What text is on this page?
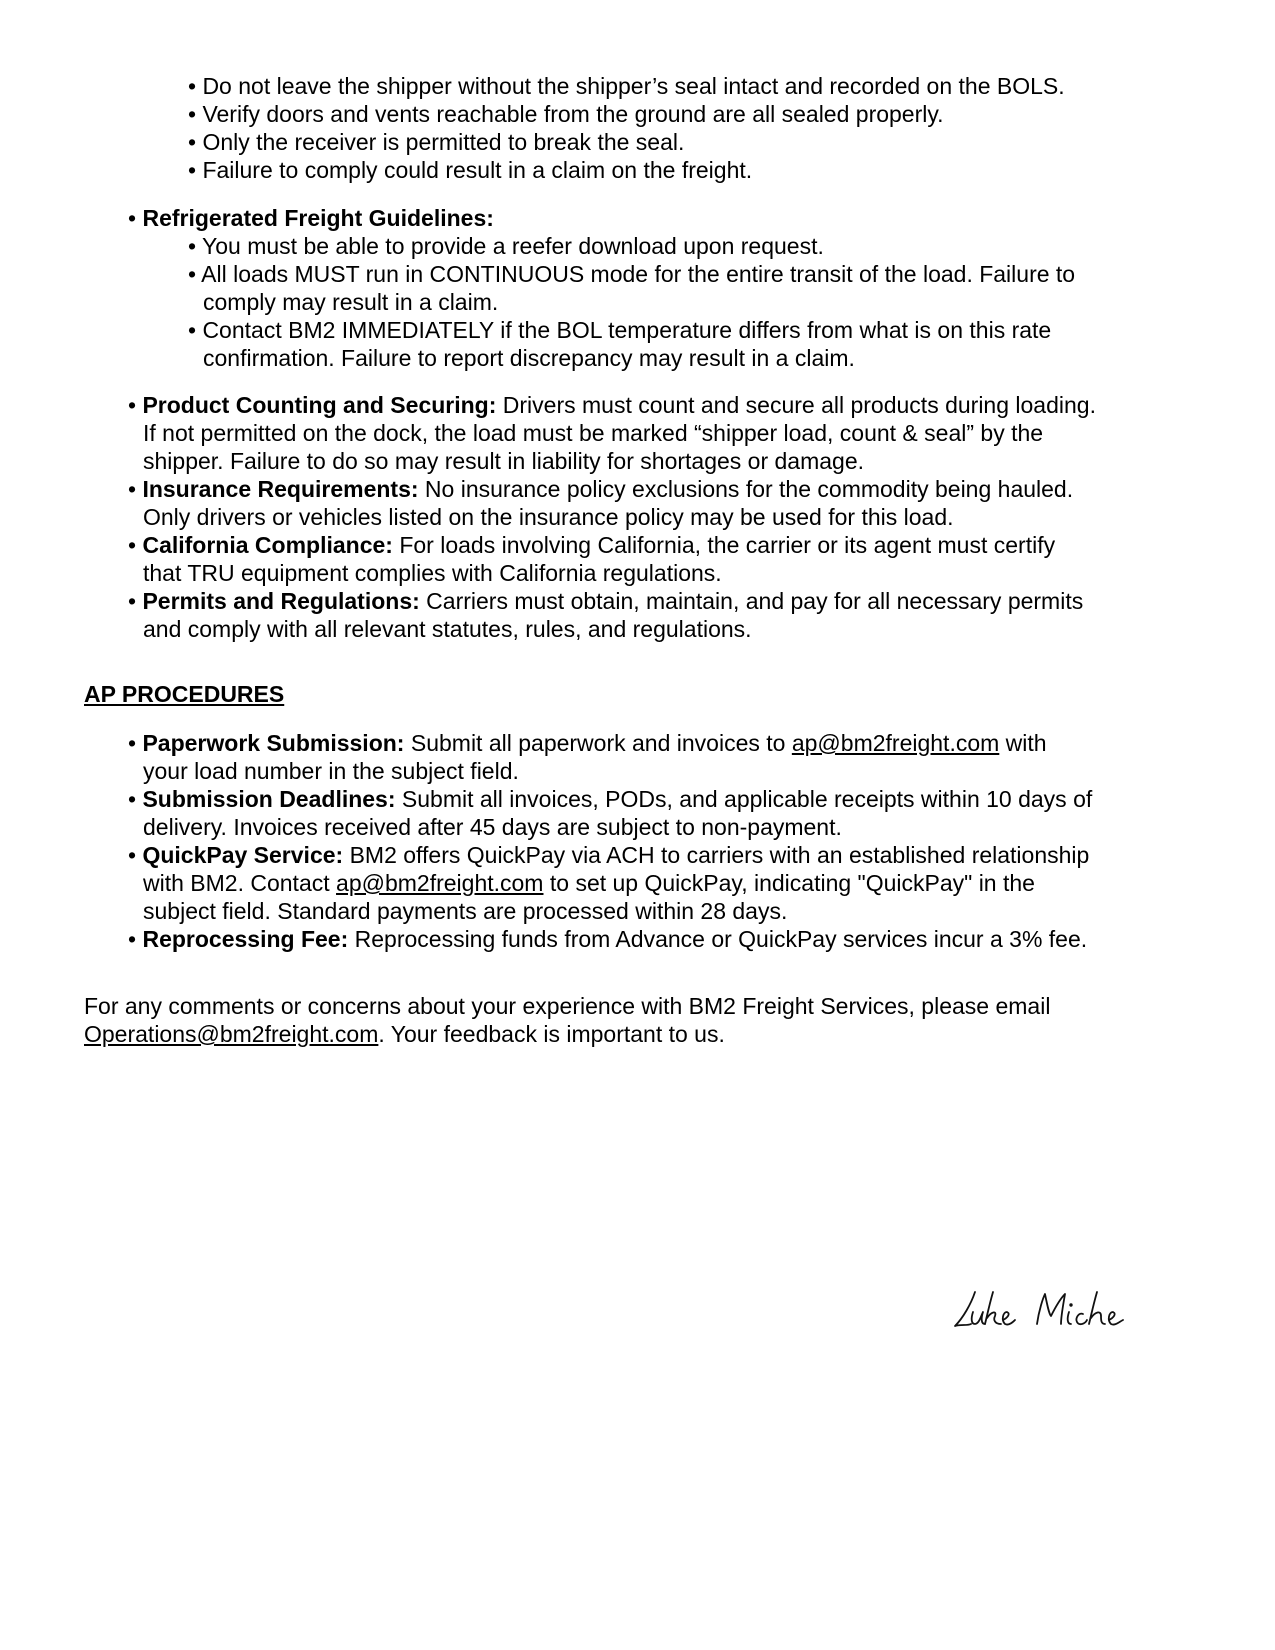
• Do not leave the shipper without the shipper’s seal intact and recorded on the BOLS.
• Verify doors and vents reachable from the ground are all sealed properly.
• Only the receiver is permitted to break the seal.
• Failure to comply could result in a claim on the freight.
• Refrigerated Freight Guidelines:
• You must be able to provide a reefer download upon request.
• All loads MUST run in CONTINUOUS mode for the entire transit of the load. Failure to
comply may result in a claim.
• Contact BM2 IMMEDIATELY if the BOL temperature differs from what is on this rate
confirmation. Failure to report discrepancy may result in a claim.
• Product Counting and Securing: Drivers must count and secure all products during loading.
If not permitted on the dock, the load must be marked “shipper load, count & seal” by the
shipper. Failure to do so may result in liability for shortages or damage.
• Insurance Requirements: No insurance policy exclusions for the commodity being hauled.
Only drivers or vehicles listed on the insurance policy may be used for this load.
• California Compliance: For loads involving California, the carrier or its agent must certify
that TRU equipment complies with California regulations.
• Permits and Regulations: Carriers must obtain, maintain, and pay for all necessary permits
and comply with all relevant statutes, rules, and regulations.
AP PROCEDURES
• Paperwork Submission: Submit all paperwork and invoices to ap@bm2freight.com with
your load number in the subject field.
• Submission Deadlines: Submit all invoices, PODs, and applicable receipts within 10 days of
delivery. Invoices received after 45 days are subject to non-payment.
• QuickPay Service: BM2 offers QuickPay via ACH to carriers with an established relationship
with BM2. Contact ap@bm2freight.com to set up QuickPay, indicating "QuickPay" in the
subject field. Standard payments are processed within 28 days.
• Reprocessing Fee: Reprocessing funds from Advance or QuickPay services incur a 3% fee.
For any comments or concerns about your experience with BM2 Freight Services, please email
Operations@bm2freight.com. Your feedback is important to us.
